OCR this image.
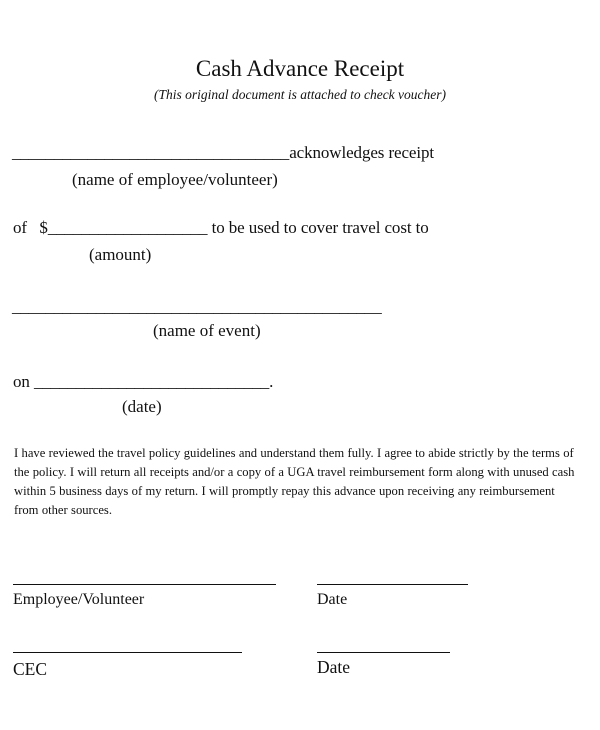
Cash Advance Receipt
(This original document is attached to check voucher)
_________________________________acknowledges receipt
(name of employee/volunteer)
of   $___________________ to be used to cover travel cost to
(amount)
____________________________________________
(name of event)
on ____________________________.
(date)
I have reviewed the travel policy guidelines and understand them fully. I agree to abide strictly by the terms of
the policy. I will return all receipts and/or a copy of a UGA travel reimbursement form along with unused cash
within 5 business days of my return. I will promptly repay this advance upon receiving any reimbursement
from other sources.
Employee/Volunteer	Date
CEC	Date
